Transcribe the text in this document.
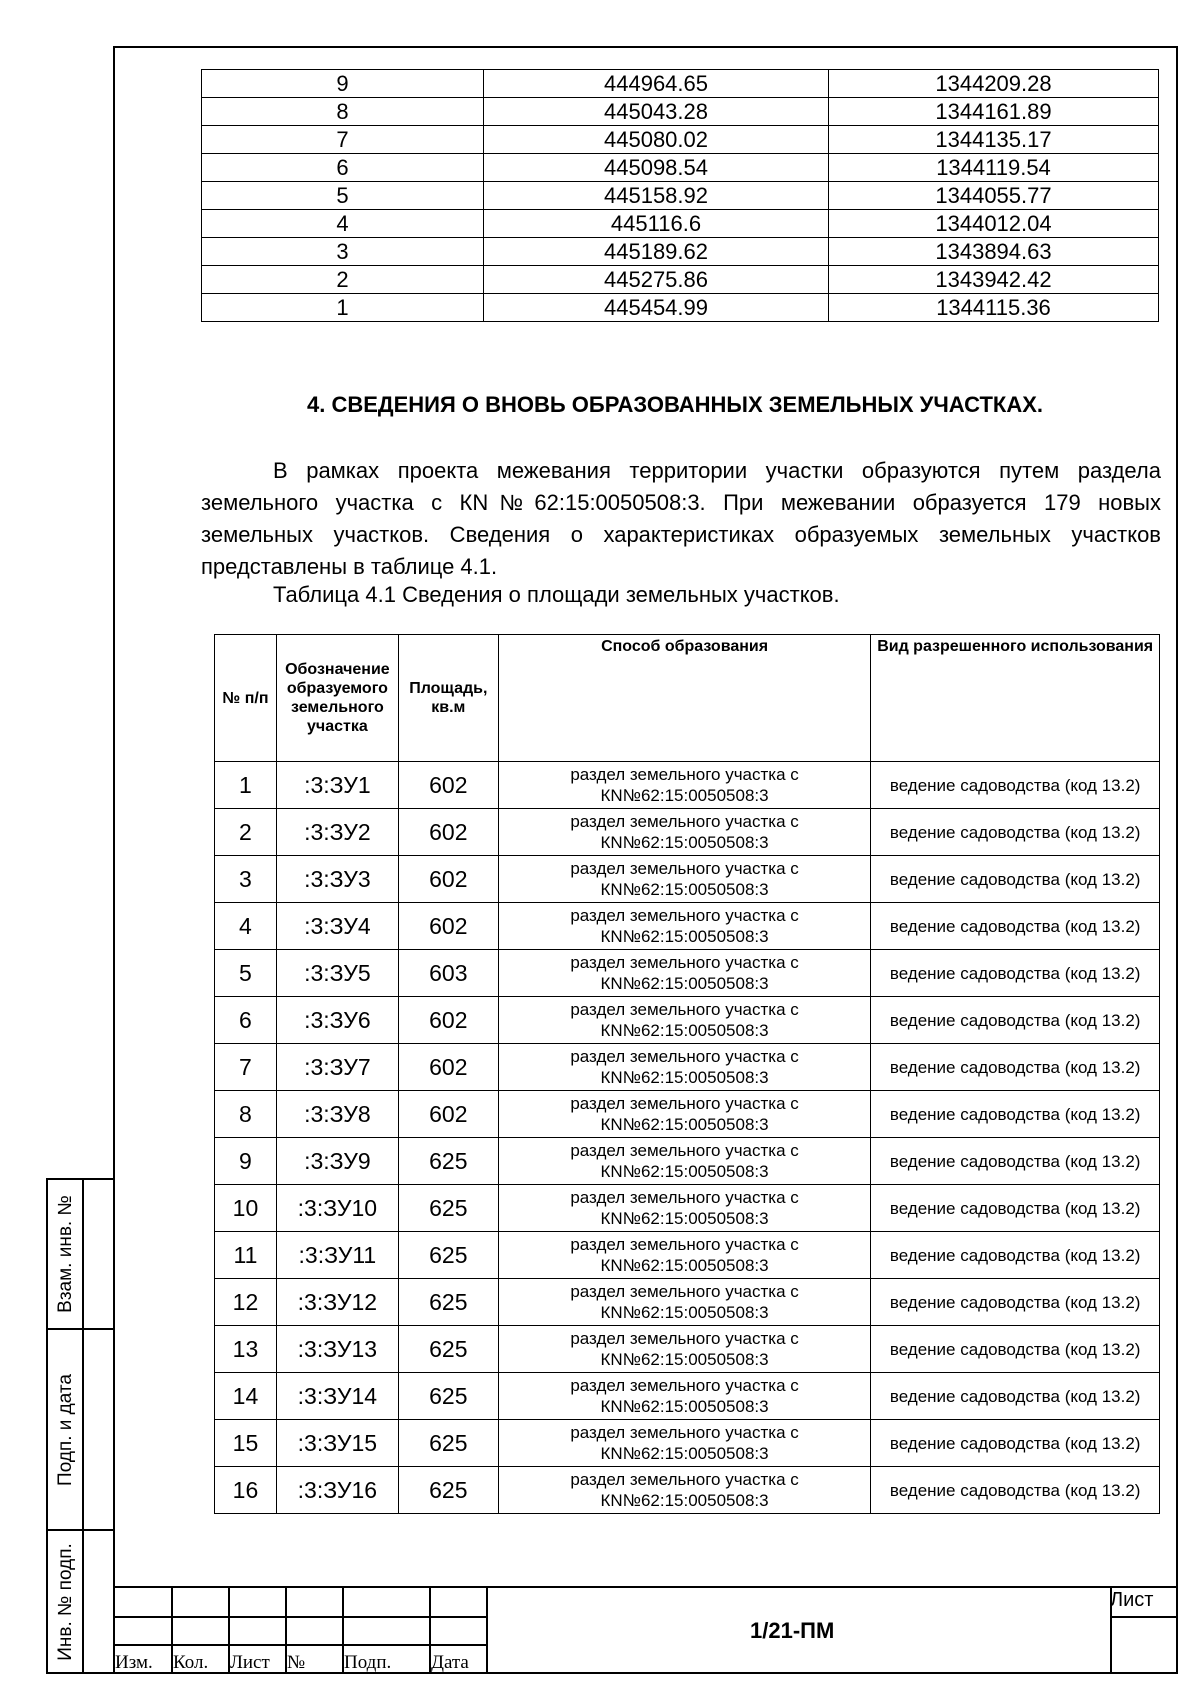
9	444964.65	1344209.28
8	445043.28	1344161.89
7	445080.02	1344135.17
6	445098.54	1344119.54
5	445158.92	1344055.77
4	445116.6	1344012.04
3	445189.62	1343894.63
2	445275.86	1343942.42
1	445454.99	1344115.36
4. СВЕДЕНИЯ О ВНОВЬ ОБРАЗОВАННЫХ ЗЕМЕЛЬНЫХ УЧАСТКАХ.

В рамках проекта межевания территории участки образуются путем раздела земельного участка с КN№62:15:0050508:3. При межевании образуется 179 новых земельных участков. Сведения о характеристиках образуемых земельных участков представлены в таблице 4.1.

Таблица 4.1 Сведения о площади земельных участков.
№ п/п	Обозначение образуемого земельного участка	Площадь, кв.м	Способ образования	Вид разрешенного использования
1	:3:ЗУ1	602	раздел земельного участка с КN№62:15:0050508:3	ведение садоводства (код 13.2)
2	:3:ЗУ2	602	раздел земельного участка с КN№62:15:0050508:3	ведение садоводства (код 13.2)
3	:3:ЗУ3	602	раздел земельного участка с КN№62:15:0050508:3	ведение садоводства (код 13.2)
4	:3:ЗУ4	602	раздел земельного участка с КN№62:15:0050508:3	ведение садоводства (код 13.2)
5	:3:ЗУ5	603	раздел земельного участка с КN№62:15:0050508:3	ведение садоводства (код 13.2)
6	:3:ЗУ6	602	раздел земельного участка с КN№62:15:0050508:3	ведение садоводства (код 13.2)
7	:3:ЗУ7	602	раздел земельного участка с КN№62:15:0050508:3	ведение садоводства (код 13.2)
8	:3:ЗУ8	602	раздел земельного участка с КN№62:15:0050508:3	ведение садоводства (код 13.2)
9	:3:ЗУ9	625	раздел земельного участка с КN№62:15:0050508:3	ведение садоводства (код 13.2)
10	:3:ЗУ10	625	раздел земельного участка с КN№62:15:0050508:3	ведение садоводства (код 13.2)
11	:3:ЗУ11	625	раздел земельного участка с КN№62:15:0050508:3	ведение садоводства (код 13.2)
12	:3:ЗУ12	625	раздел земельного участка с КN№62:15:0050508:3	ведение садоводства (код 13.2)
13	:3:ЗУ13	625	раздел земельного участка с КN№62:15:0050508:3	ведение садоводства (код 13.2)
14	:3:ЗУ14	625	раздел земельного участка с КN№62:15:0050508:3	ведение садоводства (код 13.2)
15	:3:ЗУ15	625	раздел земельного участка с КN№62:15:0050508:3	ведение садоводства (код 13.2)
16	:3:ЗУ16	625	раздел земельного участка с КN№62:15:0050508:3	ведение садоводства (код 13.2)
Взам. инв. №
Подп. и дата
Инв. № подп.
Изм. Кол. Лист № Подп. Дата
1/21-ПМ
Лист
